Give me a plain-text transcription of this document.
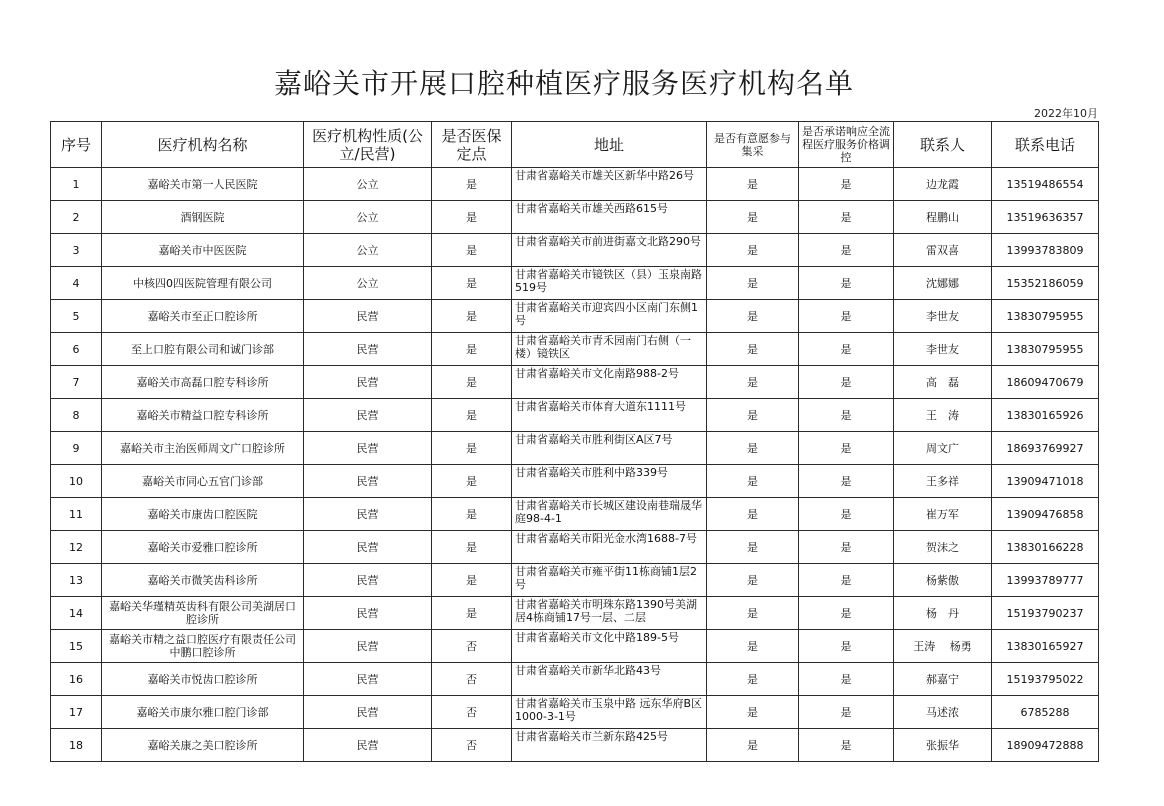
嘉峪关市开展口腔种植医疗服务医疗机构名单
2022年10月
序号	医疗机构名称	医疗机构性质(公立/民营)	是否医保定点	地址	是否有意愿参与集采	是否承诺响应全流程医疗服务价格调控	联系人	联系电话
1	嘉峪关市第一人民医院	公立	是	甘肃省嘉峪关市雄关区新华中路26号	是	是	边龙霞	13519486554
2	酒钢医院	公立	是	甘肃省嘉峪关市雄关西路615号	是	是	程鹏山	13519636357
3	嘉峪关市中医医院	公立	是	甘肃省嘉峪关市前进街嘉文北路290号	是	是	雷双喜	13993783809
4	中核四0四医院管理有限公司	公立	是	甘肃省嘉峪关市镜铁区（县）玉泉南路519号	是	是	沈娜娜	15352186059
5	嘉峪关市至正口腔诊所	民营	是	甘肃省嘉峪关市迎宾四小区南门东侧1号	是	是	李世友	13830795955
6	至上口腔有限公司和诚门诊部	民营	是	甘肃省嘉峪关市青禾园南门右侧（一楼）镜铁区	是	是	李世友	13830795955
7	嘉峪关市高磊口腔专科诊所	民营	是	甘肃省嘉峪关市文化南路988-2号	是	是	高　磊	18609470679
8	嘉峪关市精益口腔专科诊所	民营	是	甘肃省嘉峪关市体育大道东1111号	是	是	王　涛	13830165926
9	嘉峪关市主治医师周文广口腔诊所	民营	是	甘肃省嘉峪关市胜利街区A区7号	是	是	周文广	18693769927
10	嘉峪关市同心五官门诊部	民营	是	甘肃省嘉峪关市胜利中路339号	是	是	王多祥	13909471018
11	嘉峪关市康齿口腔医院	民营	是	甘肃省嘉峪关市长城区建设南巷瑞晟华庭98-4-1	是	是	崔万军	13909476858
12	嘉峪关市爱雅口腔诊所	民营	是	甘肃省嘉峪关市阳光金水湾1688-7号	是	是	贺沫之	13830166228
13	嘉峪关市微笑齿科诊所	民营	是	甘肃省嘉峪关市雍平街11栋商铺1层2号	是	是	杨紫傲	13993789777
14	嘉峪关华瑾精英齿科有限公司美湖居口腔诊所	民营	是	甘肃省嘉峪关市明珠东路1390号美湖居4栋商铺17号一层、二层	是	是	杨　丹	15193790237
15	嘉峪关市精之益口腔医疗有限责任公司中鹏口腔诊所	民营	否	甘肃省嘉峪关市文化中路189-5号	是	是	王涛　 杨勇	13830165927
16	嘉峪关市悦齿口腔诊所	民营	否	甘肃省嘉峪关市新华北路43号	是	是	郝嘉宁	15193795022
17	嘉峪关市康尔雅口腔门诊部	民营	否	甘肃省嘉峪关市玉泉中路 远东华府B区1000-3-1号	是	是	马述浓	6785288
18	嘉峪关康之美口腔诊所	民营	否	甘肃省嘉峪关市兰新东路425号	是	是	张振华	18909472888
